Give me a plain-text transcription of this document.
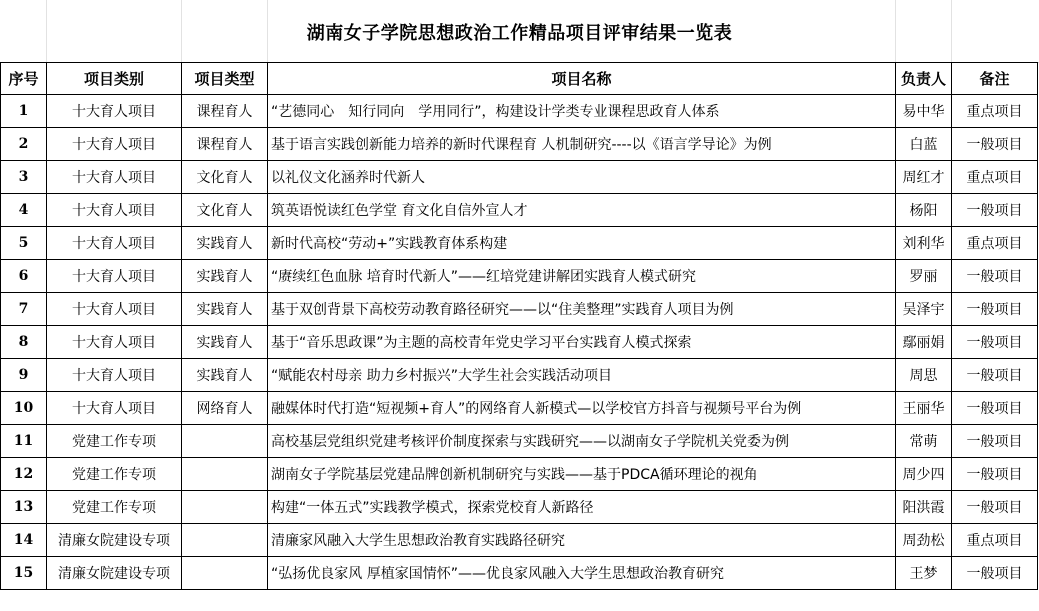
湖南女子学院思想政治工作精品项目评审结果一览表
序号	项目类别	项目类型	项目名称	负责人	备注
1	十大育人项目	课程育人	“艺德同心　知行同向　学用同行”，构建设计学类专业课程思政育人体系	易中华	重点项目
2	十大育人项目	课程育人	基于语言实践创新能力培养的新时代课程育 人机制研究----以《语言学导论》为例	白蓝	一般项目
3	十大育人项目	文化育人	以礼仪文化涵养时代新人	周红才	重点项目
4	十大育人项目	文化育人	筑英语悦读红色学堂 育文化自信外宣人才	杨阳	一般项目
5	十大育人项目	实践育人	新时代高校“劳动+”实践教育体系构建	刘利华	重点项目
6	十大育人项目	实践育人	“赓续红色血脉 培育时代新人”——红培党建讲解团实践育人模式研究	罗丽	一般项目
7	十大育人项目	实践育人	基于双创背景下高校劳动教育路径研究——以“住美整理”实践育人项目为例	吴泽宇	一般项目
8	十大育人项目	实践育人	基于“音乐思政课”为主题的高校青年党史学习平台实践育人模式探索	鄢丽娟	一般项目
9	十大育人项目	实践育人	“赋能农村母亲 助力乡村振兴”大学生社会实践活动项目	周思	一般项目
10	十大育人项目	网络育人	融媒体时代打造“短视频+育人”的网络育人新模式—以学校官方抖音与视频号平台为例	王丽华	一般项目
11	党建工作专项		高校基层党组织党建考核评价制度探索与实践研究——以湖南女子学院机关党委为例	常萌	一般项目
12	党建工作专项		湖南女子学院基层党建品牌创新机制研究与实践——基于PDCA循环理论的视角	周少四	一般项目
13	党建工作专项		构建“一体五式”实践教学模式，探索党校育人新路径	阳洪霞	一般项目
14	清廉女院建设专项		清廉家风融入大学生思想政治教育实践路径研究	周劲松	重点项目
15	清廉女院建设专项		“弘扬优良家风 厚植家国情怀”——优良家风融入大学生思想政治教育研究	王梦	一般项目
